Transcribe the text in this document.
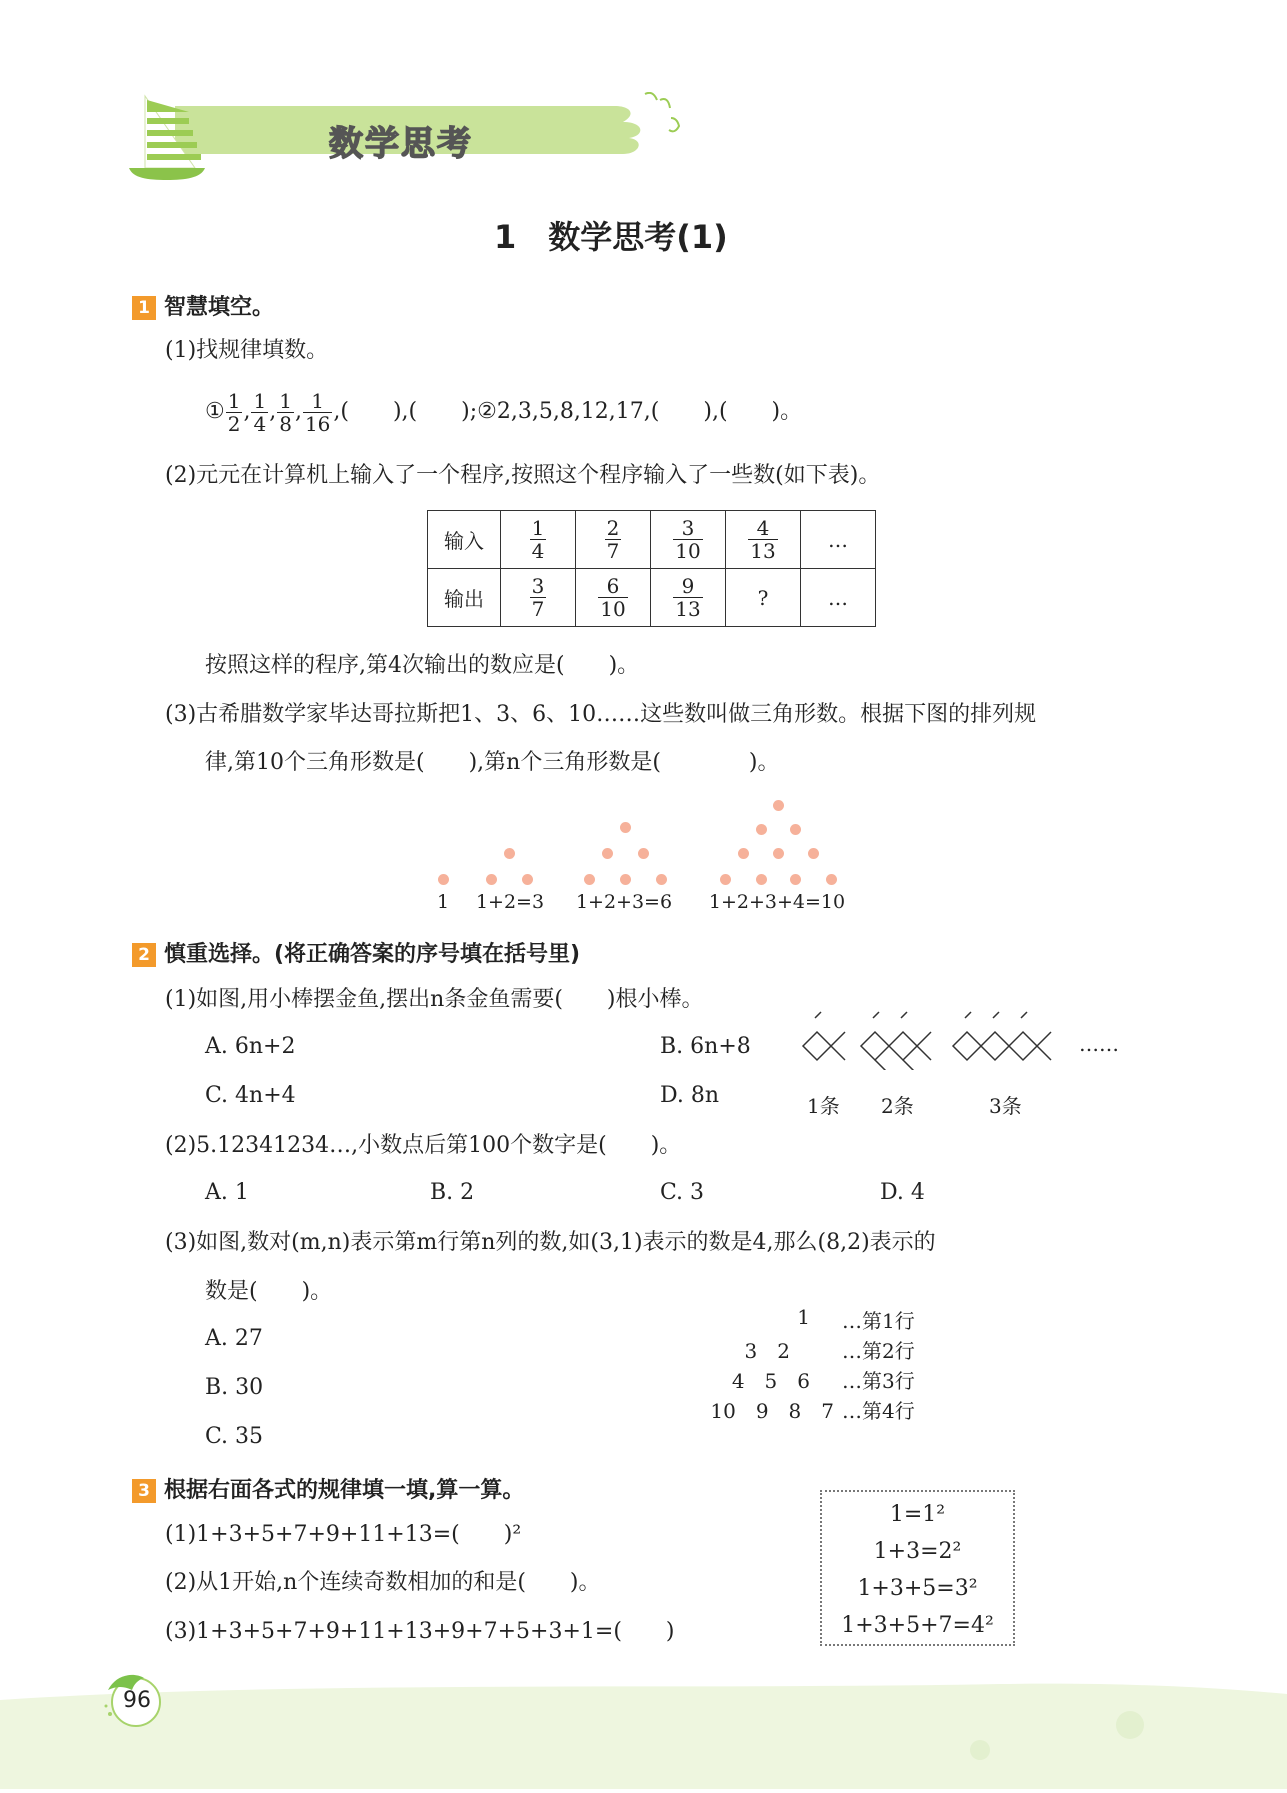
数学思考
1　数学思考(1)
1 智慧填空。
(1)找规律填数。
① $\frac{1}{2}$ , $\frac{1}{4}$ , $\frac{1}{8}$ , $\frac{1}{16}$ ,(　　),(　　); ②2,3,5,8,12,17,(　　),(　　)。
(2)元元在计算机上输入了一个程序,按照这个程序输入了一些数(如下表)。
输入	$\frac{1}{4}$	$\frac{2}{7}$	$\frac{3}{10}$	$\frac{4}{13}$	…
输出	$\frac{3}{7}$	$\frac{6}{10}$	$\frac{9}{13}$	?	…
按照这样的程序,第4次输出的数应是(　　)。
(3)古希腊数学家毕达哥拉斯把1、3、6、10……这些数叫做三角形数。根据下图的排列规
律,第10个三角形数是(　　),第n个三角形数是(　　　　)。
1	1+2=3	1+2+3=6	1+2+3+4=10
2 慎重选择。(将正确答案的序号填在括号里)
(1)如图,用小棒摆金鱼,摆出n条金鱼需要(　　)根小棒。
A. 6n+2	B. 6n+8
C. 4n+4	D. 8n
……
1条 2条	3条
(2)5.12341234…,小数点后第100个数字是(　　)。
A. 1	B. 2	C. 3	D. 4
(3)如图,数对(m,n)表示第m行第n列的数,如(3,1)表示的数是4,那么(8,2)表示的
数是(　　)。
A. 27
B. 30
C. 35
1 …第1行
3　2	…第2行
4　5　6 …第3行
10　9　8　7 …第4行
3 根据右面各式的规律填一填,算一算。
(1)1+3+5+7+9+11+13=(　　)²
(2)从1开始,n个连续奇数相加的和是(　　)。
(3)1+3+5+7+9+11+13+9+7+5+3+1=(　　)
1=1²
1+3=2²
1+3+5=3²
1+3+5+7=4²
96
